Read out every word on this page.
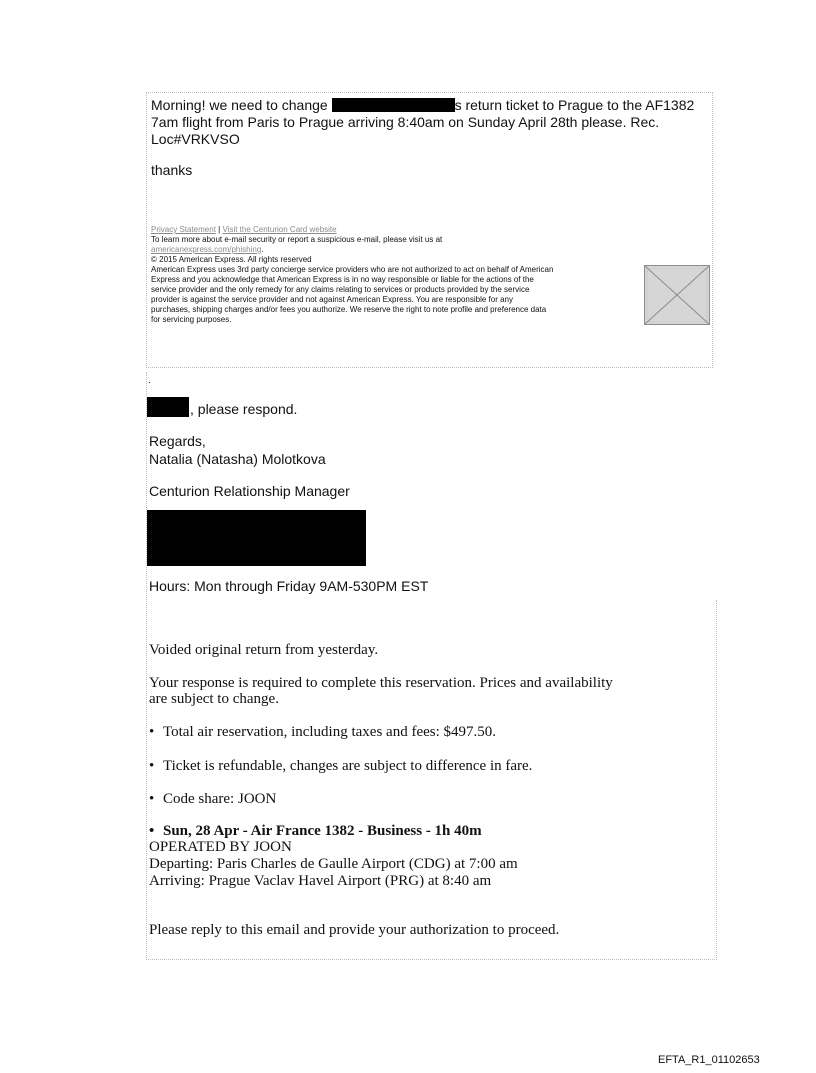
Morning! we need to change	s return ticket to Prague to the AF1382
7am flight from Paris to Prague arriving 8:40am on Sunday April 28th please. Rec.
Loc#VRKVSO
thanks
Privacy Statement | Visit the Centurion Card website
To learn more about e-mail security or report a suspicious e-mail, please visit us at
americanexpress.com/phishing.
© 2015 American Express. All rights reserved
American Express uses 3rd party concierge service providers who are not authorized to act on behalf of American
Express and you acknowledge that American Express is in no way responsible or liable for the actions of the
service provider and the only remedy for any claims relating to services or products provided by the service
provider is against the service provider and not against American Express. You are responsible for any
purchases, shipping charges and/or fees you authorize. We reserve the right to note profile and preference data
for servicing purposes.
.
, please respond.
Regards,
Natalia (Natasha) Molotkova
Centurion Relationship Manager
Hours: Mon through Friday 9AM-530PM EST
Voided original return from yesterday.
Your response is required to complete this reservation. Prices and availability
are subject to change.
• Total air reservation, including taxes and fees: $497.50.
• Ticket is refundable, changes are subject to difference in fare.
• Code share: JOON
• Sun, 28 Apr - Air France 1382 - Business - 1h 40m
OPERATED BY JOON
Departing: Paris Charles de Gaulle Airport (CDG) at 7:00 am
Arriving: Prague Vaclav Havel Airport (PRG) at 8:40 am
Please reply to this email and provide your authorization to proceed.
EFTA_R1_01102653
